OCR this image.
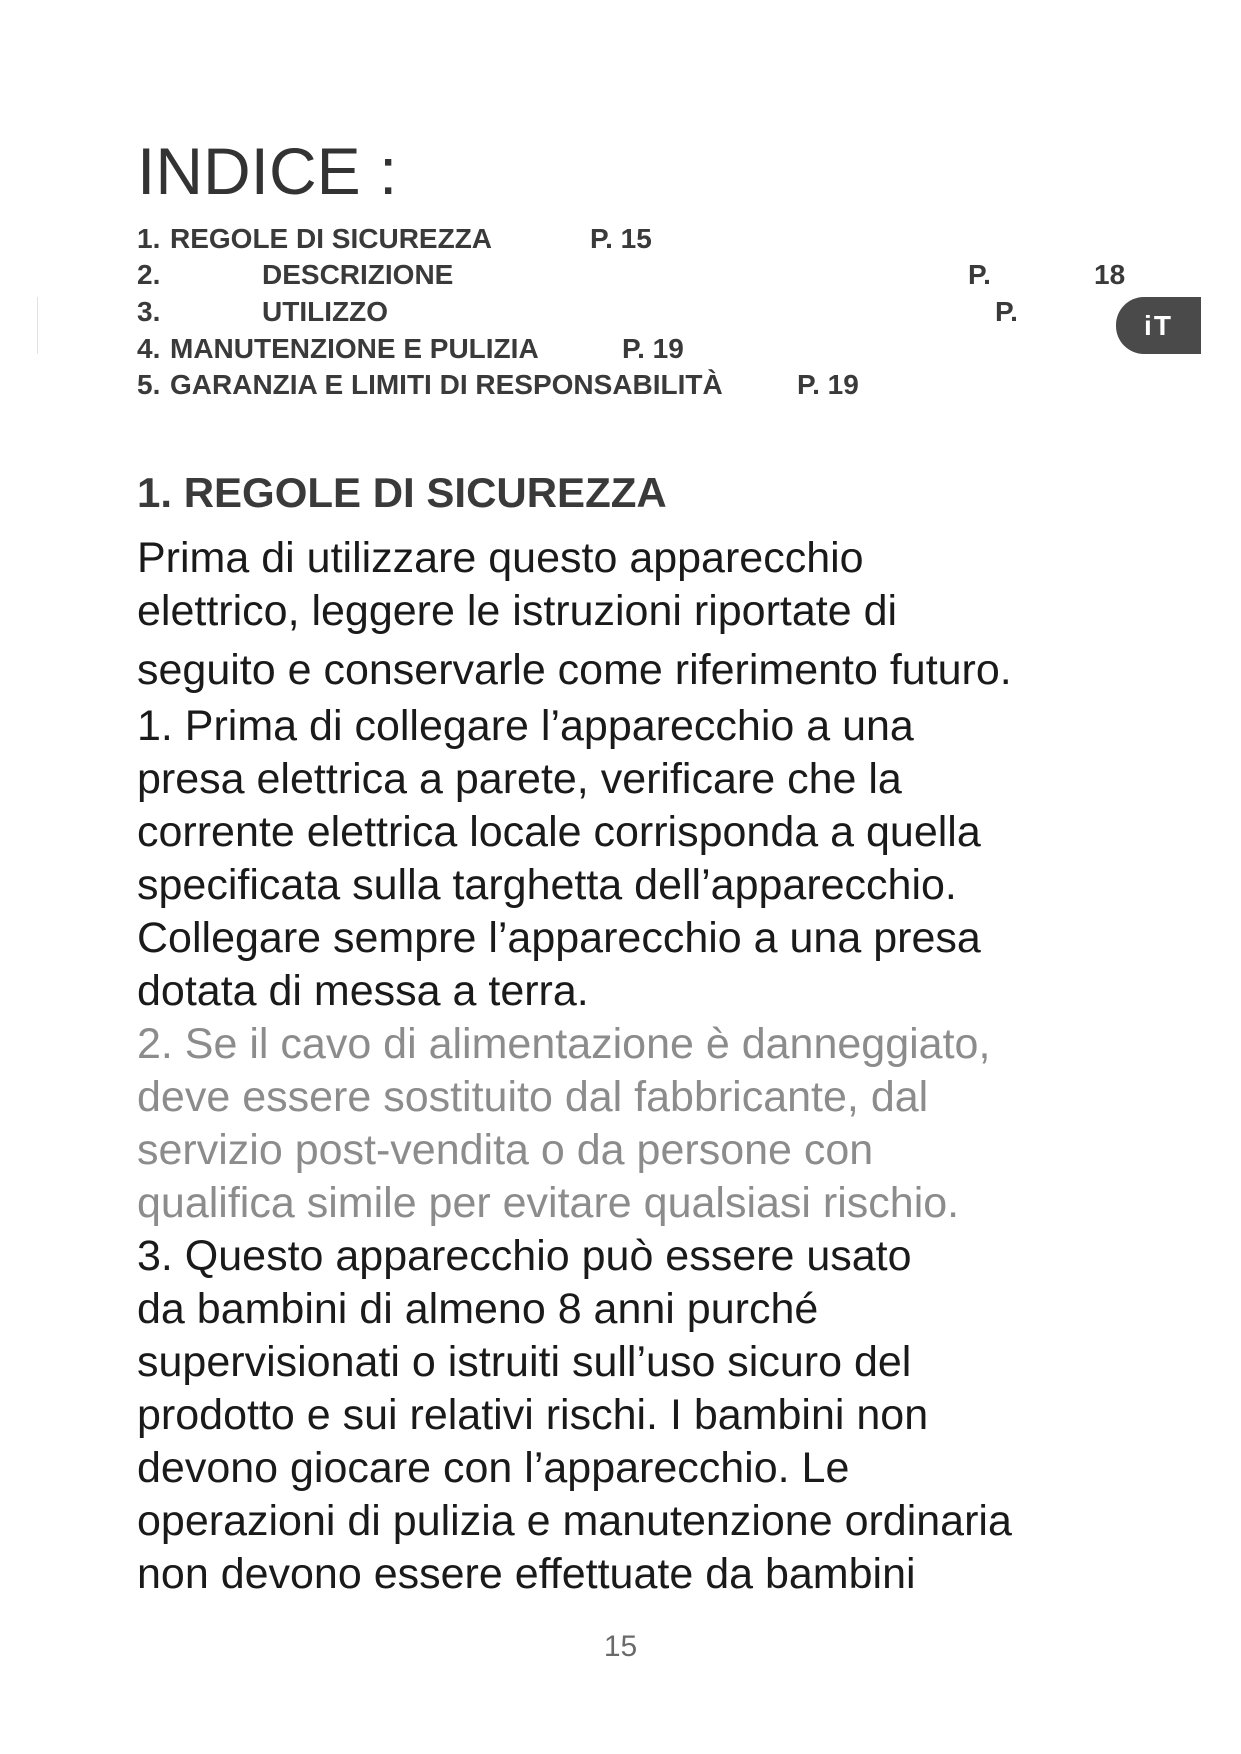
INDICE :
1. REGOLE DI SICUREZZA	P. 15
2.	DESCRIZIONE	P.	18
3.	UTILIZZO	P.
4. MANUTENZIONE E PULIZIA	P. 19
5. GARANZIA E LIMITI DI RESPONSABILITÀ	P. 19
iT
1. REGOLE DI SICUREZZA
Prima di utilizzare questo apparecchio
elettrico, leggere le istruzioni riportate di
seguito e conservarle come riferimento futuro.
1. Prima di collegare l’apparecchio a una
presa elettrica a parete, verificare che la
corrente elettrica locale corrisponda a quella
specificata sulla targhetta dell’apparecchio.
Collegare sempre l’apparecchio a una presa
dotata di messa a terra.
2. Se il cavo di alimentazione è danneggiato,
deve essere sostituito dal fabbricante, dal
servizio post-vendita o da persone con
qualifica simile per evitare qualsiasi rischio.
3. Questo apparecchio può essere usato
da bambini di almeno 8 anni purché
supervisionati o istruiti sull’uso sicuro del
prodotto e sui relativi rischi. I bambini non
devono giocare con l’apparecchio. Le
operazioni di pulizia e manutenzione ordinaria
non devono essere effettuate da bambini
15
